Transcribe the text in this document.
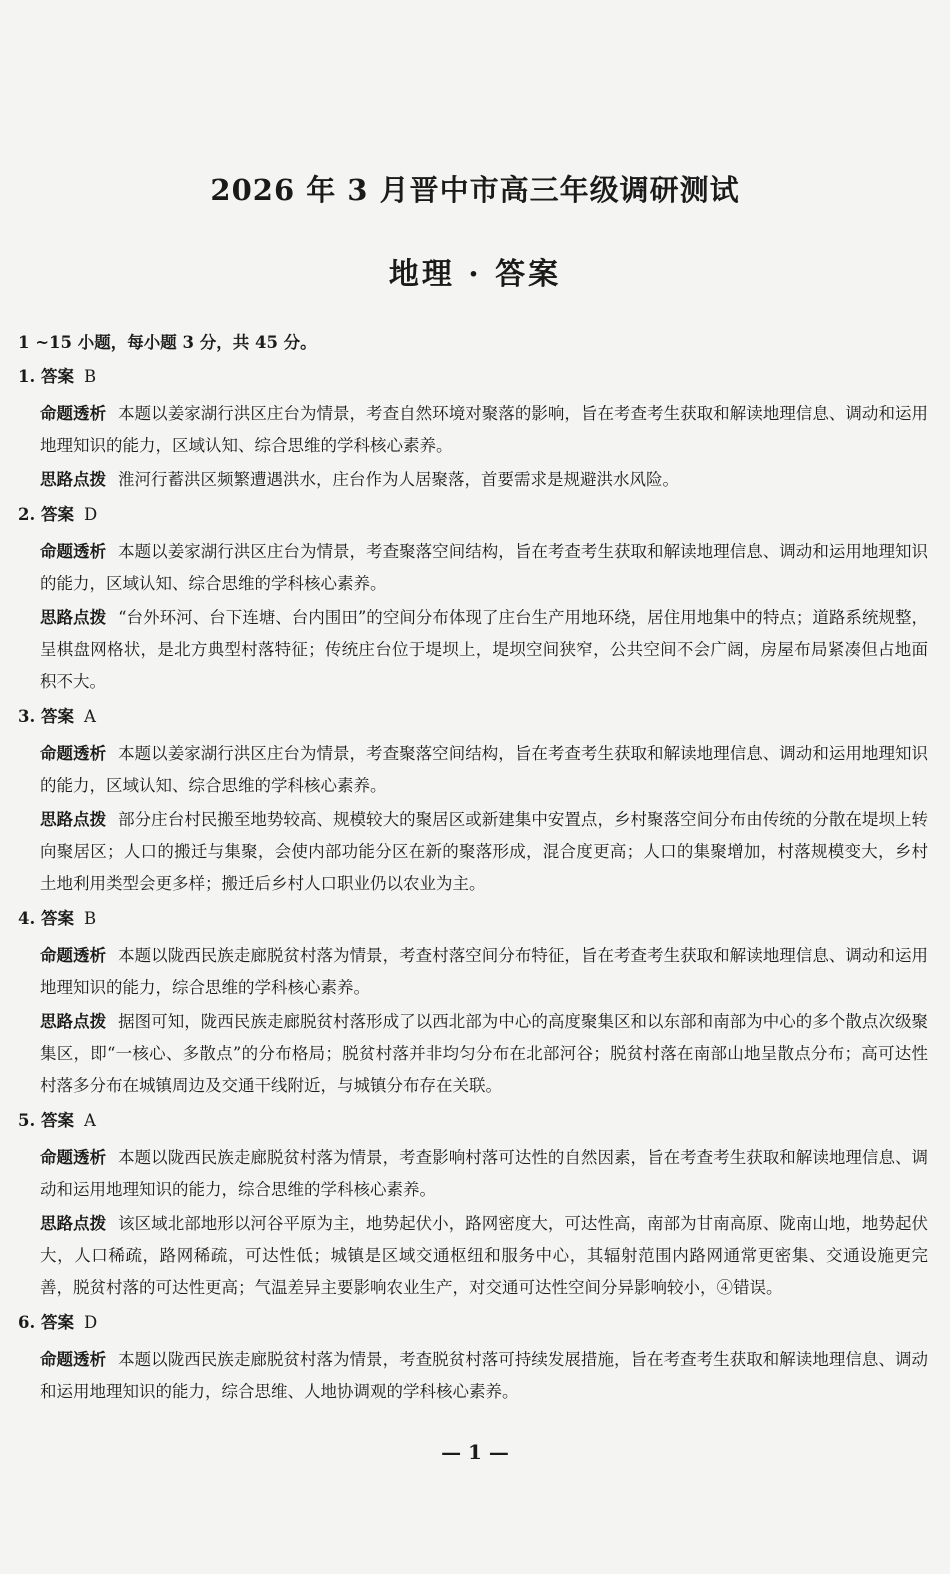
2026 年 3 月晋中市高三年级调研测试
地理 · 答案
1 ~15 小题，每小题 3 分，共 45 分。
1. 答案 B
命题透析 本题以姜家湖行洪区庄台为情景，考查自然环境对聚落的影响，旨在考查考生获取和解读地理信息、调动和运用地理知识的能力，区域认知、综合思维的学科核心素养。
思路点拨 淮河行蓄洪区频繁遭遇洪水，庄台作为人居聚落，首要需求是规避洪水风险。
2. 答案 D
命题透析 本题以姜家湖行洪区庄台为情景，考查聚落空间结构，旨在考查考生获取和解读地理信息、调动和运用地理知识的能力，区域认知、综合思维的学科核心素养。
思路点拨 “台外环河、台下连塘、台内围田”的空间分布体现了庄台生产用地环绕，居住用地集中的特点；道路系统规整，呈棋盘网格状，是北方典型村落特征；传统庄台位于堤坝上，堤坝空间狭窄，公共空间不会广阔，房屋布局紧凑但占地面积不大。
3. 答案 A
命题透析 本题以姜家湖行洪区庄台为情景，考查聚落空间结构，旨在考查考生获取和解读地理信息、调动和运用地理知识的能力，区域认知、综合思维的学科核心素养。
思路点拨 部分庄台村民搬至地势较高、规模较大的聚居区或新建集中安置点，乡村聚落空间分布由传统的分散在堤坝上转向聚居区；人口的搬迁与集聚，会使内部功能分区在新的聚落形成，混合度更高；人口的集聚增加，村落规模变大，乡村土地利用类型会更多样；搬迁后乡村人口职业仍以农业为主。
4. 答案 B
命题透析 本题以陇西民族走廊脱贫村落为情景，考查村落空间分布特征，旨在考查考生获取和解读地理信息、调动和运用地理知识的能力，综合思维的学科核心素养。
思路点拨 据图可知，陇西民族走廊脱贫村落形成了以西北部为中心的高度聚集区和以东部和南部为中心的多个散点次级聚集区，即“一核心、多散点”的分布格局；脱贫村落并非均匀分布在北部河谷；脱贫村落在南部山地呈散点分布；高可达性村落多分布在城镇周边及交通干线附近，与城镇分布存在关联。
5. 答案 A
命题透析 本题以陇西民族走廊脱贫村落为情景，考查影响村落可达性的自然因素，旨在考查考生获取和解读地理信息、调动和运用地理知识的能力，综合思维的学科核心素养。
思路点拨 该区域北部地形以河谷平原为主，地势起伏小，路网密度大，可达性高，南部为甘南高原、陇南山地，地势起伏大，人口稀疏，路网稀疏，可达性低；城镇是区域交通枢纽和服务中心，其辐射范围内路网通常更密集、交通设施更完善，脱贫村落的可达性更高；气温差异主要影响农业生产，对交通可达性空间分异影响较小，④错误。
6. 答案 D
命题透析 本题以陇西民族走廊脱贫村落为情景，考查脱贫村落可持续发展措施，旨在考查考生获取和解读地理信息、调动和运用地理知识的能力，综合思维、人地协调观的学科核心素养。
— 1 —
